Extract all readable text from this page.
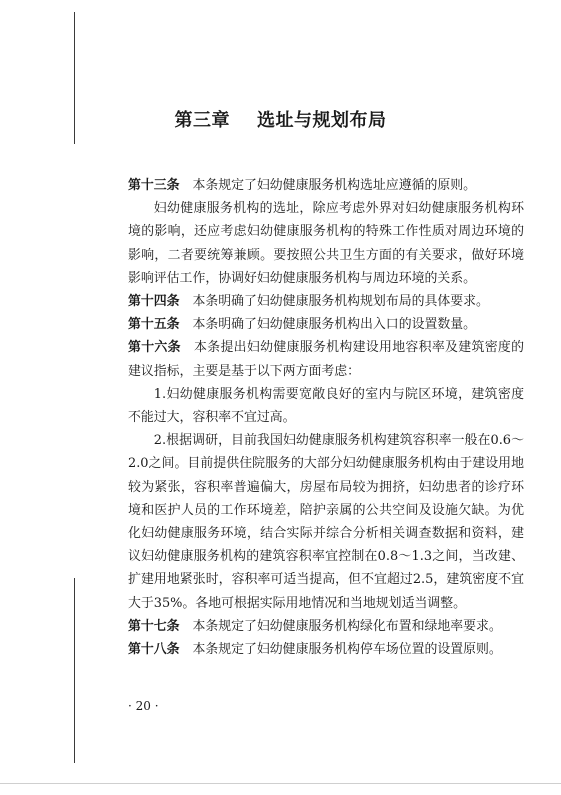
第三章    选址与规划布局

第十三条 本条规定了妇幼健康服务机构选址应遵循的原则。

妇幼健康服务机构的选址，除应考虑外界对妇幼健康服务机构环境的影响，还应考虑妇幼健康服务机构的特殊工作性质对周边环境的影响，二者要统筹兼顾。要按照公共卫生方面的有关要求，做好环境影响评估工作，协调好妇幼健康服务机构与周边环境的关系。

第十四条 本条明确了妇幼健康服务机构规划布局的具体要求。

第十五条 本条明确了妇幼健康服务机构出入口的设置数量。

第十六条 本条提出妇幼健康服务机构建设用地容积率及建筑密度的建议指标，主要是基于以下两方面考虑：

1.妇幼健康服务机构需要宽敞良好的室内与院区环境，建筑密度不能过大，容积率不宜过高。

2.根据调研，目前我国妇幼健康服务机构建筑容积率一般在0.6～2.0之间。目前提供住院服务的大部分妇幼健康服务机构由于建设用地较为紧张，容积率普遍偏大，房屋布局较为拥挤，妇幼患者的诊疗环境和医护人员的工作环境差，陪护亲属的公共空间及设施欠缺。为优化妇幼健康服务环境，结合实际并综合分析相关调查数据和资料，建议妇幼健康服务机构的建筑容积率宜控制在0.8～1.3之间，当改建、扩建用地紧张时，容积率可适当提高，但不宜超过2.5，建筑密度不宜大于35%。各地可根据实际用地情况和当地规划适当调整。

第十七条 本条规定了妇幼健康服务机构绿化布置和绿地率要求。

第十八条 本条规定了妇幼健康服务机构停车场位置的设置原则。

· 20 ·
